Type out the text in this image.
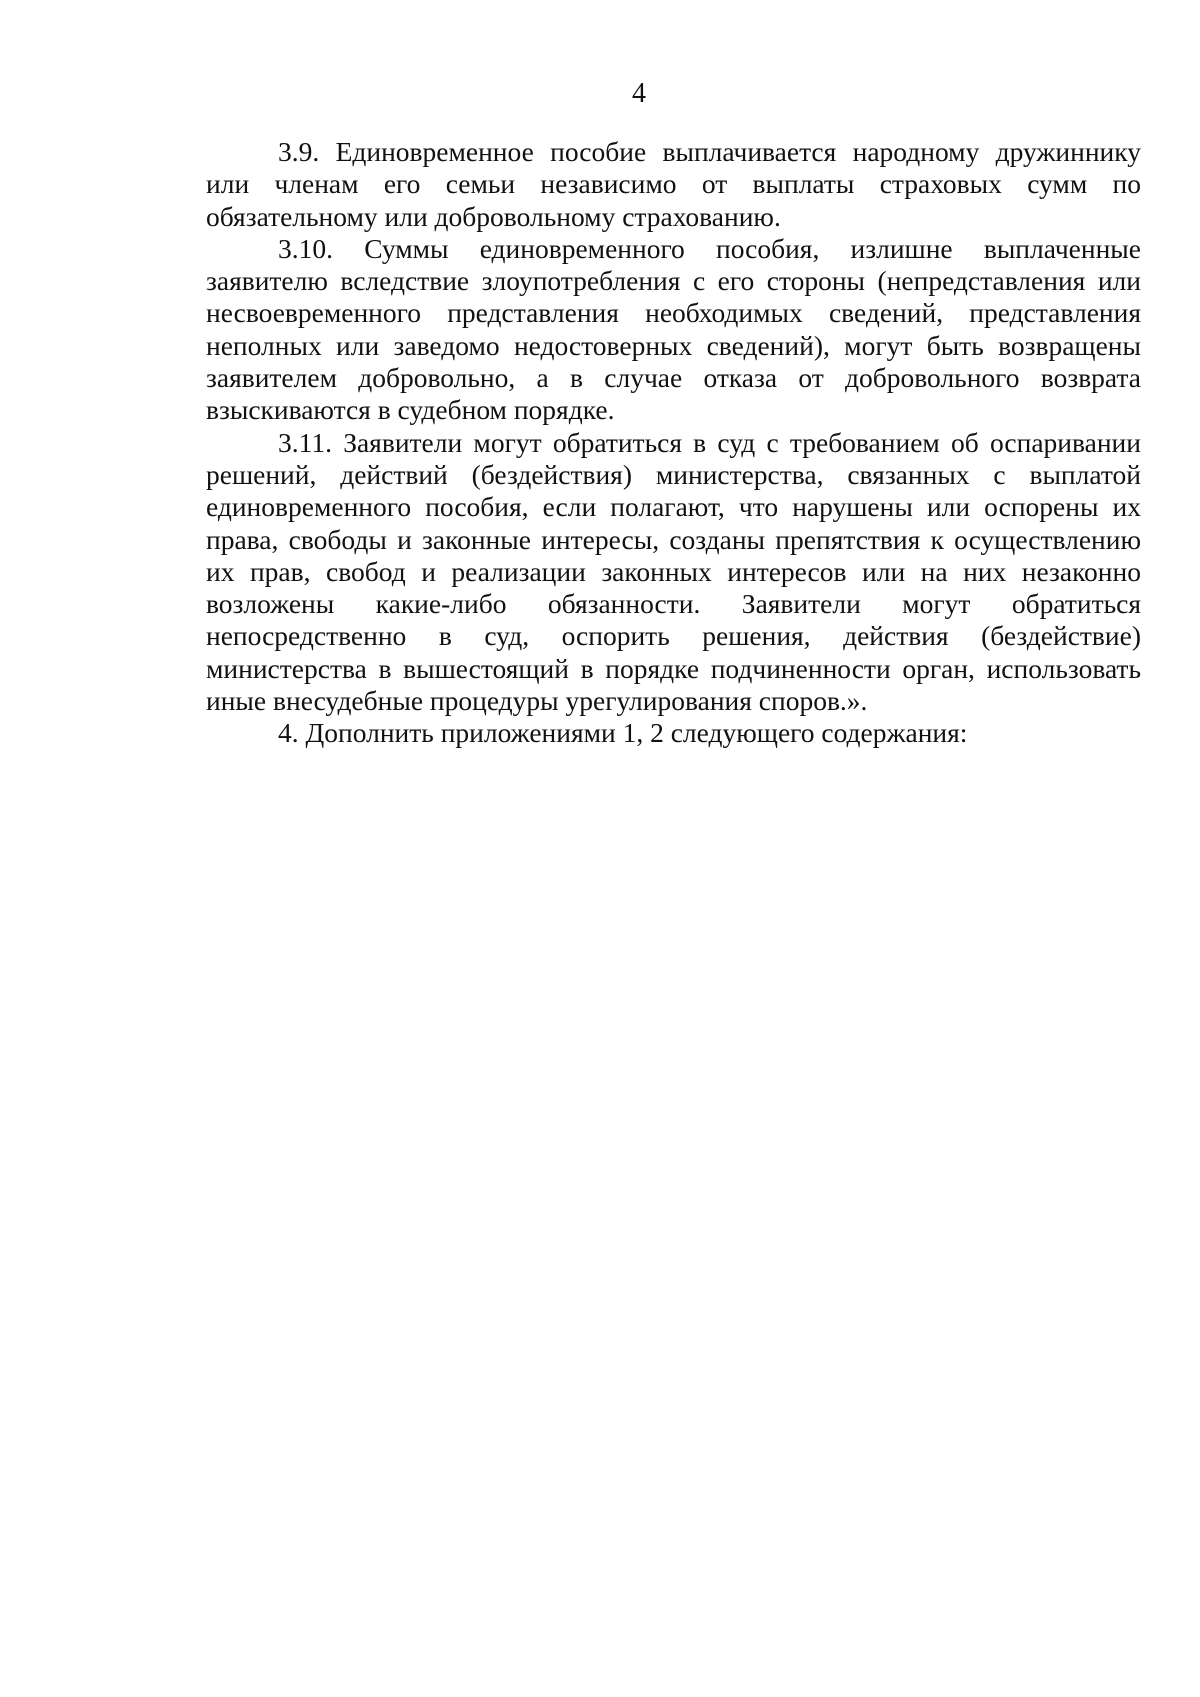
4

3.9. Единовременное пособие выплачивается народному дружиннику или членам его семьи независимо от выплаты страховых сумм по обязательному или добровольному страхованию.

3.10. Суммы единовременного пособия, излишне выплаченные заявителю вследствие злоупотребления с его стороны (непредставления или несвоевременного представления необходимых сведений, представления неполных или заведомо недостоверных сведений), могут быть возвращены заявителем добровольно, а в случае отказа от добровольного возврата взыскиваются в судебном порядке.

3.11. Заявители могут обратиться в суд с требованием об оспаривании решений, действий (бездействия) министерства, связанных с выплатой единовременного пособия, если полагают, что нарушены или оспорены их права, свободы и законные интересы, созданы препятствия к осуществлению их прав, свобод и реализации законных интересов или на них незаконно возложены какие-либо обязанности. Заявители могут обратиться непосредственно в суд, оспорить решения, действия (бездействие) министерства в вышестоящий в порядке подчиненности орган, использовать иные внесудебные процедуры урегулирования споров.».

4. Дополнить приложениями 1, 2 следующего содержания:
